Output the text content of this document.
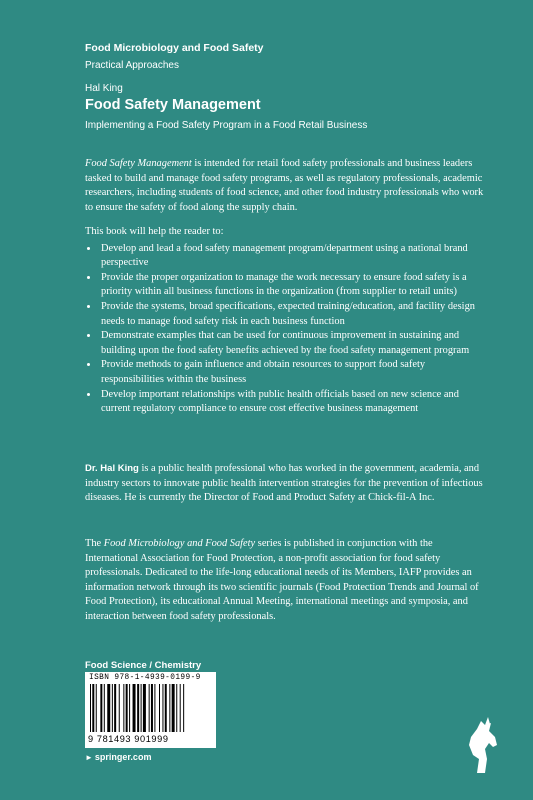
Food Microbiology and Food Safety
Practical Approaches
Hal King
Food Safety Management
Implementing a Food Safety Program in a Food Retail Business
Food Safety Management is intended for retail food safety professionals and business leaders tasked to build and manage food safety programs, as well as regulatory professionals, academic researchers, including students of food science, and other food industry professionals who work to ensure the safety of food along the supply chain.
This book will help the reader to:
• Develop and lead a food safety management program/department using a national brand perspective
• Provide the proper organization to manage the work necessary to ensure food safety is a priority within all business functions in the organization (from supplier to retail units)
• Provide the systems, broad specifications, expected training/education, and facility design needs to manage food safety risk in each business function
• Demonstrate examples that can be used for continuous improvement in sustaining and building upon the food safety benefits achieved by the food safety management program
• Provide methods to gain influence and obtain resources to support food safety responsibilities within the business
• Develop important relationships with public health officials based on new science and current regulatory compliance to ensure cost effective business management
Dr. Hal King is a public health professional who has worked in the government, academia, and industry sectors to innovate public health intervention strategies for the prevention of infectious diseases. He is currently the Director of Food and Product Safety at Chick-fil-A Inc.
The Food Microbiology and Food Safety series is published in conjunction with the International Association for Food Protection, a non-profit association for food safety professionals. Dedicated to the life-long educational needs of its Members, IAFP provides an information network through its two scientific journals (Food Protection Trends and Journal of Food Protection), its educational Annual Meeting, international meetings and symposia, and interaction between food safety professionals.
Food Science / Chemistry
ISBN 978-1-4939-0199-9
9 781493 901999
► springer.com
